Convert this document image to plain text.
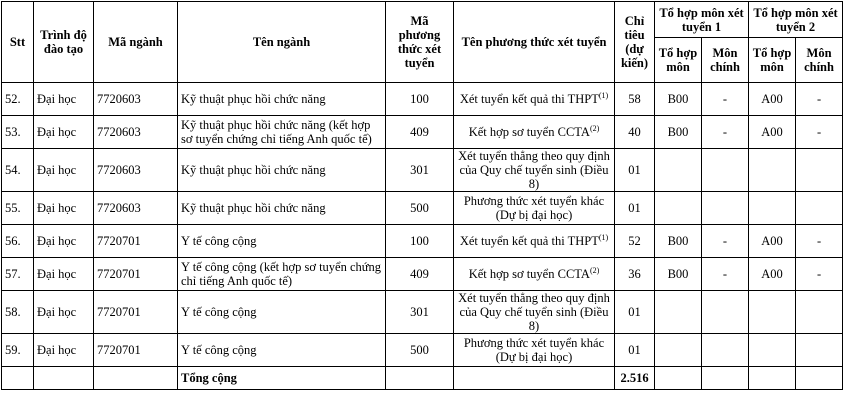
Stt	Trình độ đào tạo	Mã ngành	Tên ngành	Mã phương thức xét tuyển	Tên phương thức xét tuyển	Chỉ tiêu (dự kiến)	Tổ hợp môn xét tuyển 1		Tổ hợp môn xét tuyển 2	
							Tổ hợp môn	Môn chính	Tổ hợp môn	Môn chính
52.	Đại học	7720603	Kỹ thuật phục hồi chức năng	100	Xét tuyển kết quả thi THPT$^{(1)}$	58	B00	-	A00	-
53.	Đại học	7720603	Kỹ thuật phục hồi chức năng (kết hợp sơ tuyển chứng chỉ tiếng Anh quốc tế)	409	Kết hợp sơ tuyển CCTA$^{(2)}$	40	B00	-	A00	-
54.	Đại học	7720603	Kỹ thuật phục hồi chức năng	301	Xét tuyển thẳng theo quy định của Quy chế tuyển sinh (Điều 8)	01				
55.	Đại học	7720603	Kỹ thuật phục hồi chức năng	500	Phương thức xét tuyển khác (Dự bị đại học)	01				
56.	Đại học	7720701	Y tế công cộng	100	Xét tuyển kết quả thi THPT$^{(1)}$	52	B00	-	A00	-
57.	Đại học	7720701	Y tế công cộng (kết hợp sơ tuyển chứng chỉ tiếng Anh quốc tế)	409	Kết hợp sơ tuyển CCTA$^{(2)}$	36	B00	-	A00	-
58.	Đại học	7720701	Y tế công cộng	301	Xét tuyển thẳng theo quy định của Quy chế tuyển sinh (Điều 8)	01				
59.	Đại học	7720701	Y tế công cộng	500	Phương thức xét tuyển khác (Dự bị đại học)	01				
			Tổng cộng			2.516				
